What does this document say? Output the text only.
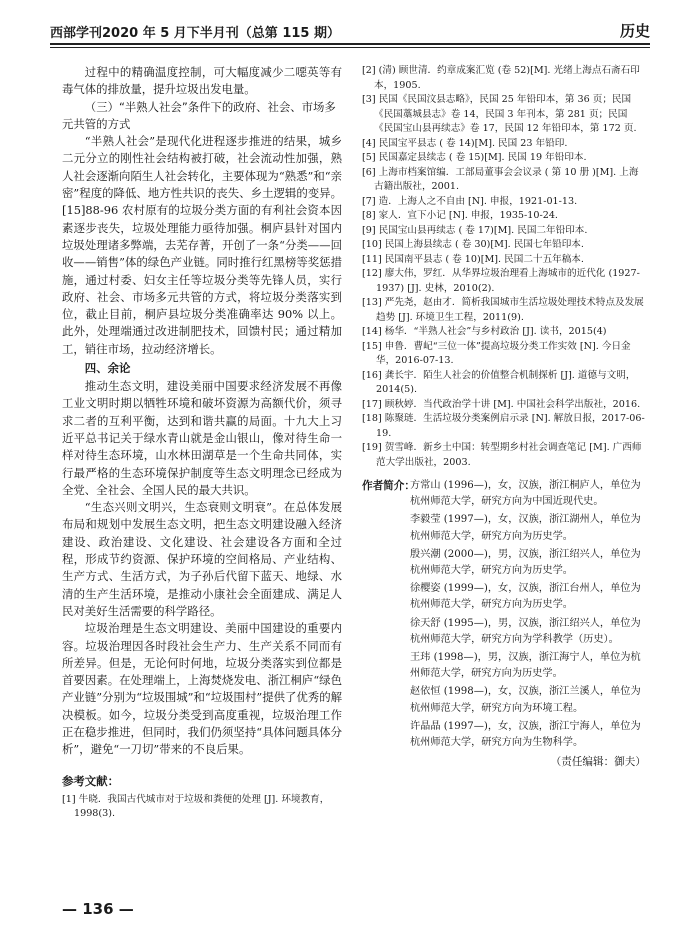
西部学刊2020 年 5 月下半月刊（总第 115 期）	历史

过程中的精确温度控制，可大幅度减少二噁英等有毒气体的排放量，提升垃圾出发电量。

（三）“半熟人社会”条件下的政府、社会、市场多元共管的方式

“半熟人社会”是现代化进程逐步推进的结果，城乡二元分立的刚性社会结构被打破，社会流动性加强，熟人社会逐渐向陌生人社会转化，主要体现为“熟悉”和“亲密”程度的降低、地方性共识的丧失、乡土逻辑的变异。[15]88-96 农村原有的垃圾分类方面的有利社会资本因素逐步丧失，垃圾处理能力亟待加强。桐庐县针对国内垃圾处理诸多弊端，去芜存菁，开创了一条“分类——回收——销售”体的绿色产业链。同时推行红黑榜等奖惩措施，通过村委、妇女主任等垃圾分类等先锋人员，实行政府、社会、市场多元共管的方式，将垃圾分类落实到位，截止目前，桐庐县垃圾分类准确率达 90% 以上。此外，处理端通过改进制肥技术，回馈村民；通过精加工，销往市场，拉动经济增长。

四、余论

推动生态文明，建设美丽中国要求经济发展不再像工业文明时期以牺牲环境和破坏资源为高额代价，须寻求二者的互利平衡，达到和谐共赢的局面。十九大上习近平总书记关于绿水青山就是金山银山，像对待生命一样对待生态环境，山水林田湖草是一个生命共同体，实行最严格的生态环境保护制度等生态文明理念已经成为全党、全社会、全国人民的最大共识。

“生态兴则文明兴，生态衰则文明衰”。在总体发展布局和规划中发展生态文明，把生态文明建设融入经济建设、政治建设、文化建设、社会建设各方面和全过程，形成节约资源、保护环境的空间格局、产业结构、生产方式、生活方式，为子孙后代留下蓝天、地绿、水清的生产生活环境，是推动小康社会全面建成、满足人民对美好生活需要的科学路径。

垃圾治理是生态文明建设、美丽中国建设的重要内容。垃圾治理因各时段社会生产力、生产关系不同而有所差异。但是，无论何时何地，垃圾分类落实到位都是首要因素。在处理端上，上海焚烧发电、浙江桐庐“绿色产业链”分别为“垃圾围城”和“垃圾围村”提供了优秀的解决模板。如今，垃圾分类受到高度重视，垃圾治理工作正在稳步推进，但同时，我们仍须坚持“具体问题具体分析”，避免“一刀切”带来的不良后果。

参考文献：

[1] 牛晓．我国古代城市对于垃圾和粪便的处理 [J]. 环境教育，1998(3).

[2] (清) 顾世清．约章成案汇览 (卷 52)[M]. 光绪上海点石斋石印本，1905.

[3] 民国《民国汶县志略》，民国 25 年铅印本，第 36 页；民国《民国藁城县志》卷 14，民国 3 年刊本，第 281 页；民国《民国宝山县再续志》卷 17，民国 12 年铅印本，第 172 页.

[4] 民国宝平县志 ( 卷 14)[M]. 民国 23 年铅印.

[5] 民国嘉定县续志 ( 卷 15)[M]. 民国 19 年铅印本.

[6] 上海市档案馆编．工部局董事会会议录 ( 第 10 册 )[M]. 上海古籍出版社，2001.

[7] 造．上海人之不自由 [N]. 申报，1921-01-13.

[8] 家人．宣下小记 [N]. 申报，1935-10-24.

[9] 民国宝山县再续志 ( 卷 17)[M]. 民国二年铅印本.

[10] 民国上海县续志 ( 卷 30)[M]. 民国七年铅印本.

[11] 民国南平县志 ( 卷 10)[M]. 民国二十五年稿本.

[12] 廖大伟，罗红．从华界垃圾治理看上海城市的近代化 (1927-1937) [J]. 史林，2010(2).

[13] 严先尧，赵由才．简析我国城市生活垃圾处理技术特点及发展趋势 [J]. 环境卫生工程，2011(9).

[14] 杨华．“半熟人社会”与乡村政治 [J]. 读书，2015(4)

[15] 申鲁．曹屺“三位一体”提高垃圾分类工作实效 [N]. 今日金华，2016-07-13.

[16] 龚长宇．陌生人社会的价值整合机制探析 [J]. 道德与文明，2014(5).

[17] 顾秋婷．当代政治学十讲 [M]. 中国社会科学出版社，2016.

[18] 陈聚琏．生活垃圾分类案例启示录 [N]. 解放日报，2017-06-19.

[19] 贺雪峰．新乡土中国：转型期乡村社会调查笔记 [M]. 广西师范大学出版社，2003.

作者简介：

方常山 (1996—)，女，汉族，浙江桐庐人，单位为杭州师范大学，研究方向为中国近现代史。

李毅莹 (1997—)，女，汉族，浙江湖州人，单位为杭州师范大学，研究方向为历史学。

殷兴潮 (2000—)，男，汉族，浙江绍兴人，单位为杭州师范大学，研究方向为历史学。

徐樱姿 (1999—)，女，汉族，浙江台州人，单位为杭州师范大学，研究方向为历史学。

徐天舒 (1995—)，男，汉族，浙江绍兴人，单位为杭州师范大学，研究方向为学科教学（历史）。

王玮 (1998—)，男，汉族，浙江海宁人，单位为杭州师范大学，研究方向为历史学。

赵依恒 (1998—)，女，汉族，浙江兰溪人，单位为杭州师范大学，研究方向为环境工程。

许晶晶 (1997—)，女，汉族，浙江宁海人，单位为杭州师范大学，研究方向为生物科学。

（责任编辑：御夫）
— 136 —
